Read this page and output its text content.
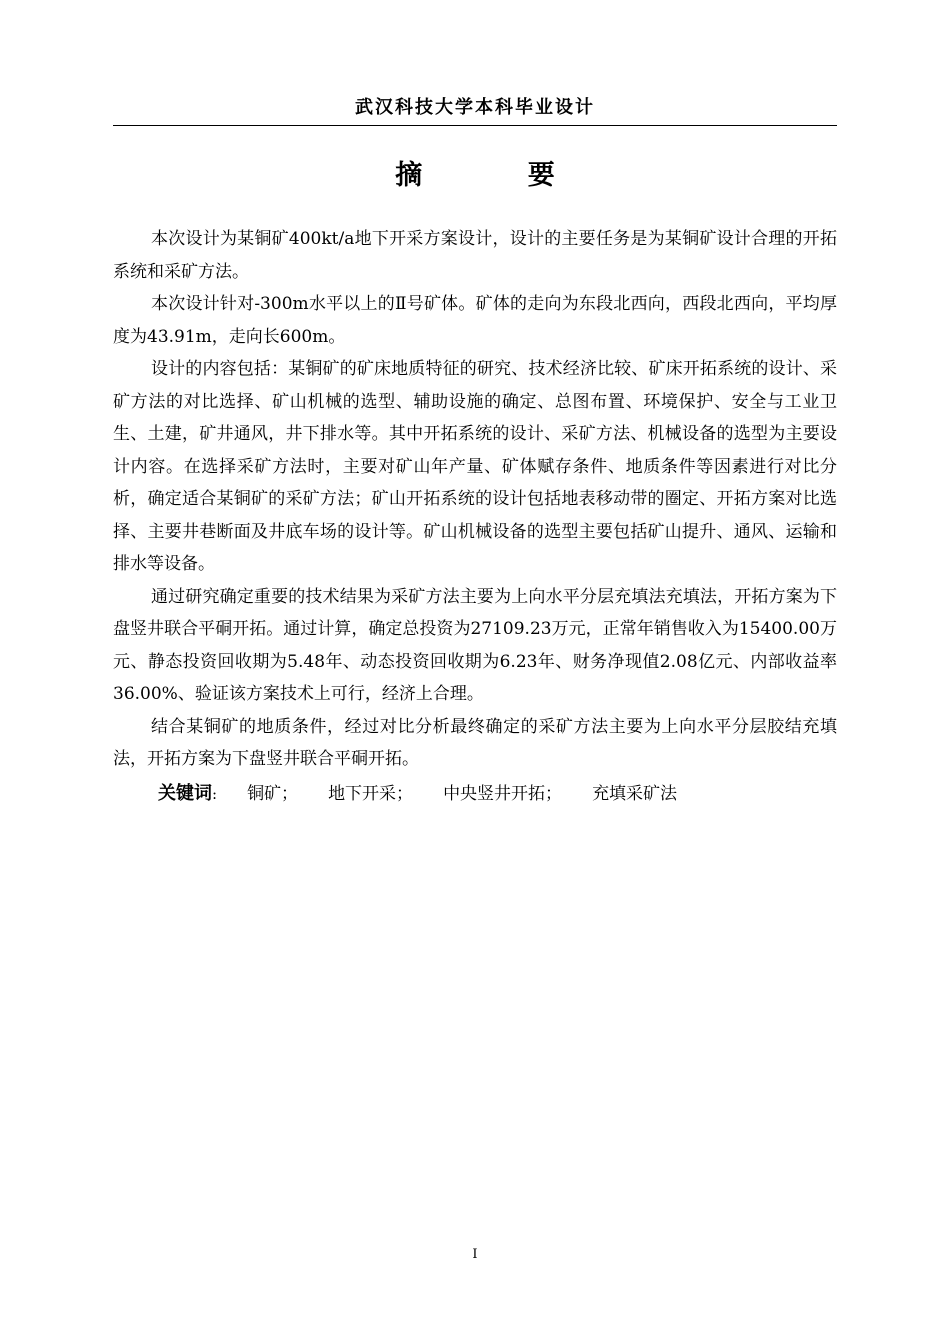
武汉科技大学本科毕业设计
摘 要

本次设计为某铜矿400kt/a地下开采方案设计，设计的主要任务是为某铜矿设计合理的开拓系统和采矿方法。

本次设计针对-300m水平以上的Ⅱ号矿体。矿体的走向为东段北西向，西段北西向，平均厚度为43.91m，走向长600m。

设计的内容包括：某铜矿的矿床地质特征的研究、技术经济比较、矿床开拓系统的设计、采矿方法的对比选择、矿山机械的选型、辅助设施的确定、总图布置、环境保护、安全与工业卫生、土建，矿井通风，井下排水等。其中开拓系统的设计、采矿方法、机械设备的选型为主要设计内容。在选择采矿方法时，主要对矿山年产量、矿体赋存条件、地质条件等因素进行对比分析，确定适合某铜矿的采矿方法；矿山开拓系统的设计包括地表移动带的圈定、开拓方案对比选择、主要井巷断面及井底车场的设计等。矿山机械设备的选型主要包括矿山提升、通风、运输和排水等设备。

通过研究确定重要的技术结果为采矿方法主要为上向水平分层充填法充填法，开拓方案为下盘竖井联合平硐开拓。通过计算，确定总投资为27109.23万元，正常年销售收入为15400.00万元、静态投资回收期为5.48年、动态投资回收期为6.23年、财务净现值2.08亿元、内部收益率36.00%、验证该方案技术上可行，经济上合理。

结合某铜矿的地质条件，经过对比分析最终确定的采矿方法主要为上向水平分层胶结充填法，开拓方案为下盘竖井联合平硐开拓。

关键词: 铜矿； 地下开采； 中央竖井开拓； 充填采矿法
I
